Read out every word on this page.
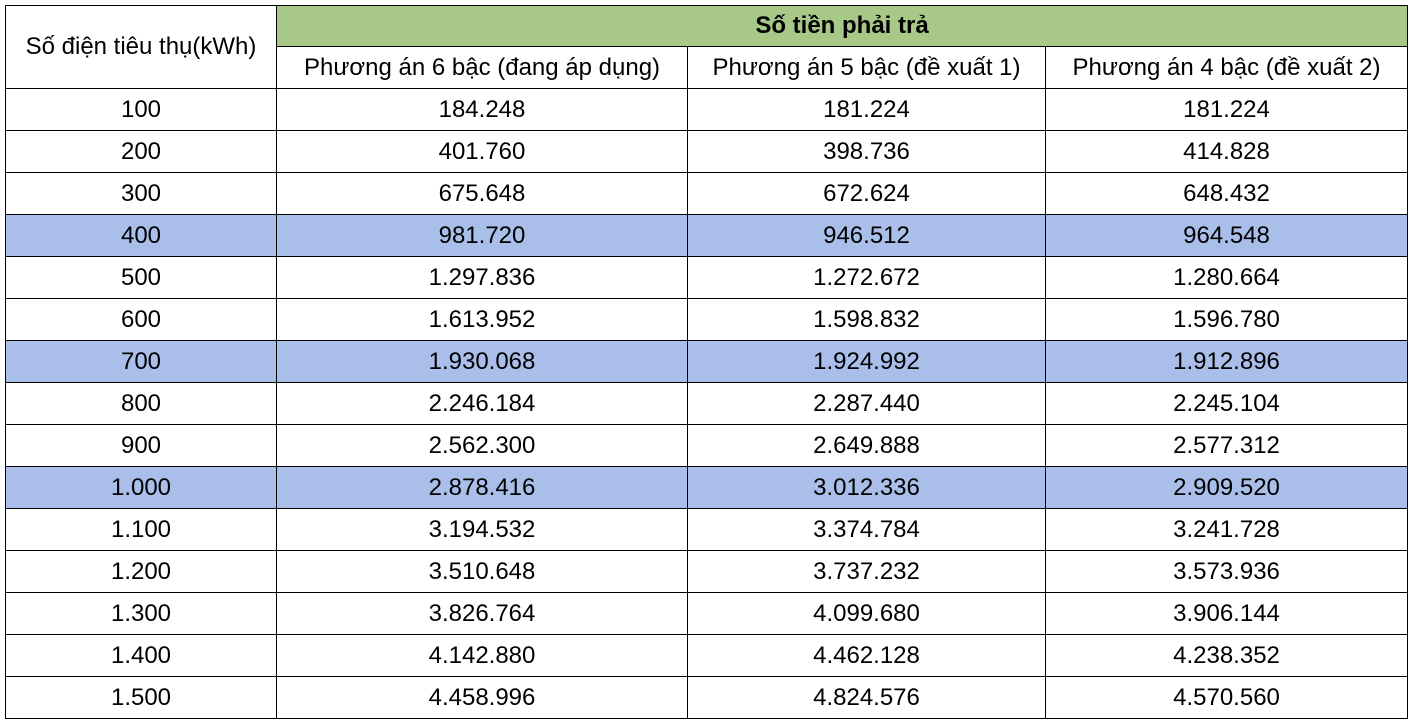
Số điện tiêu thụ(kWh)	Số tiền phải trả		
	Phương án 6 bậc (đang áp dụng)	Phương án 5 bậc (đề xuất 1)	Phương án 4 bậc (đề xuất 2)
100	184.248	181.224	181.224
200	401.760	398.736	414.828
300	675.648	672.624	648.432
400	981.720	946.512	964.548
500	1.297.836	1.272.672	1.280.664
600	1.613.952	1.598.832	1.596.780
700	1.930.068	1.924.992	1.912.896
800	2.246.184	2.287.440	2.245.104
900	2.562.300	2.649.888	2.577.312
1.000	2.878.416	3.012.336	2.909.520
1.100	3.194.532	3.374.784	3.241.728
1.200	3.510.648	3.737.232	3.573.936
1.300	3.826.764	4.099.680	3.906.144
1.400	4.142.880	4.462.128	4.238.352
1.500	4.458.996	4.824.576	4.570.560
